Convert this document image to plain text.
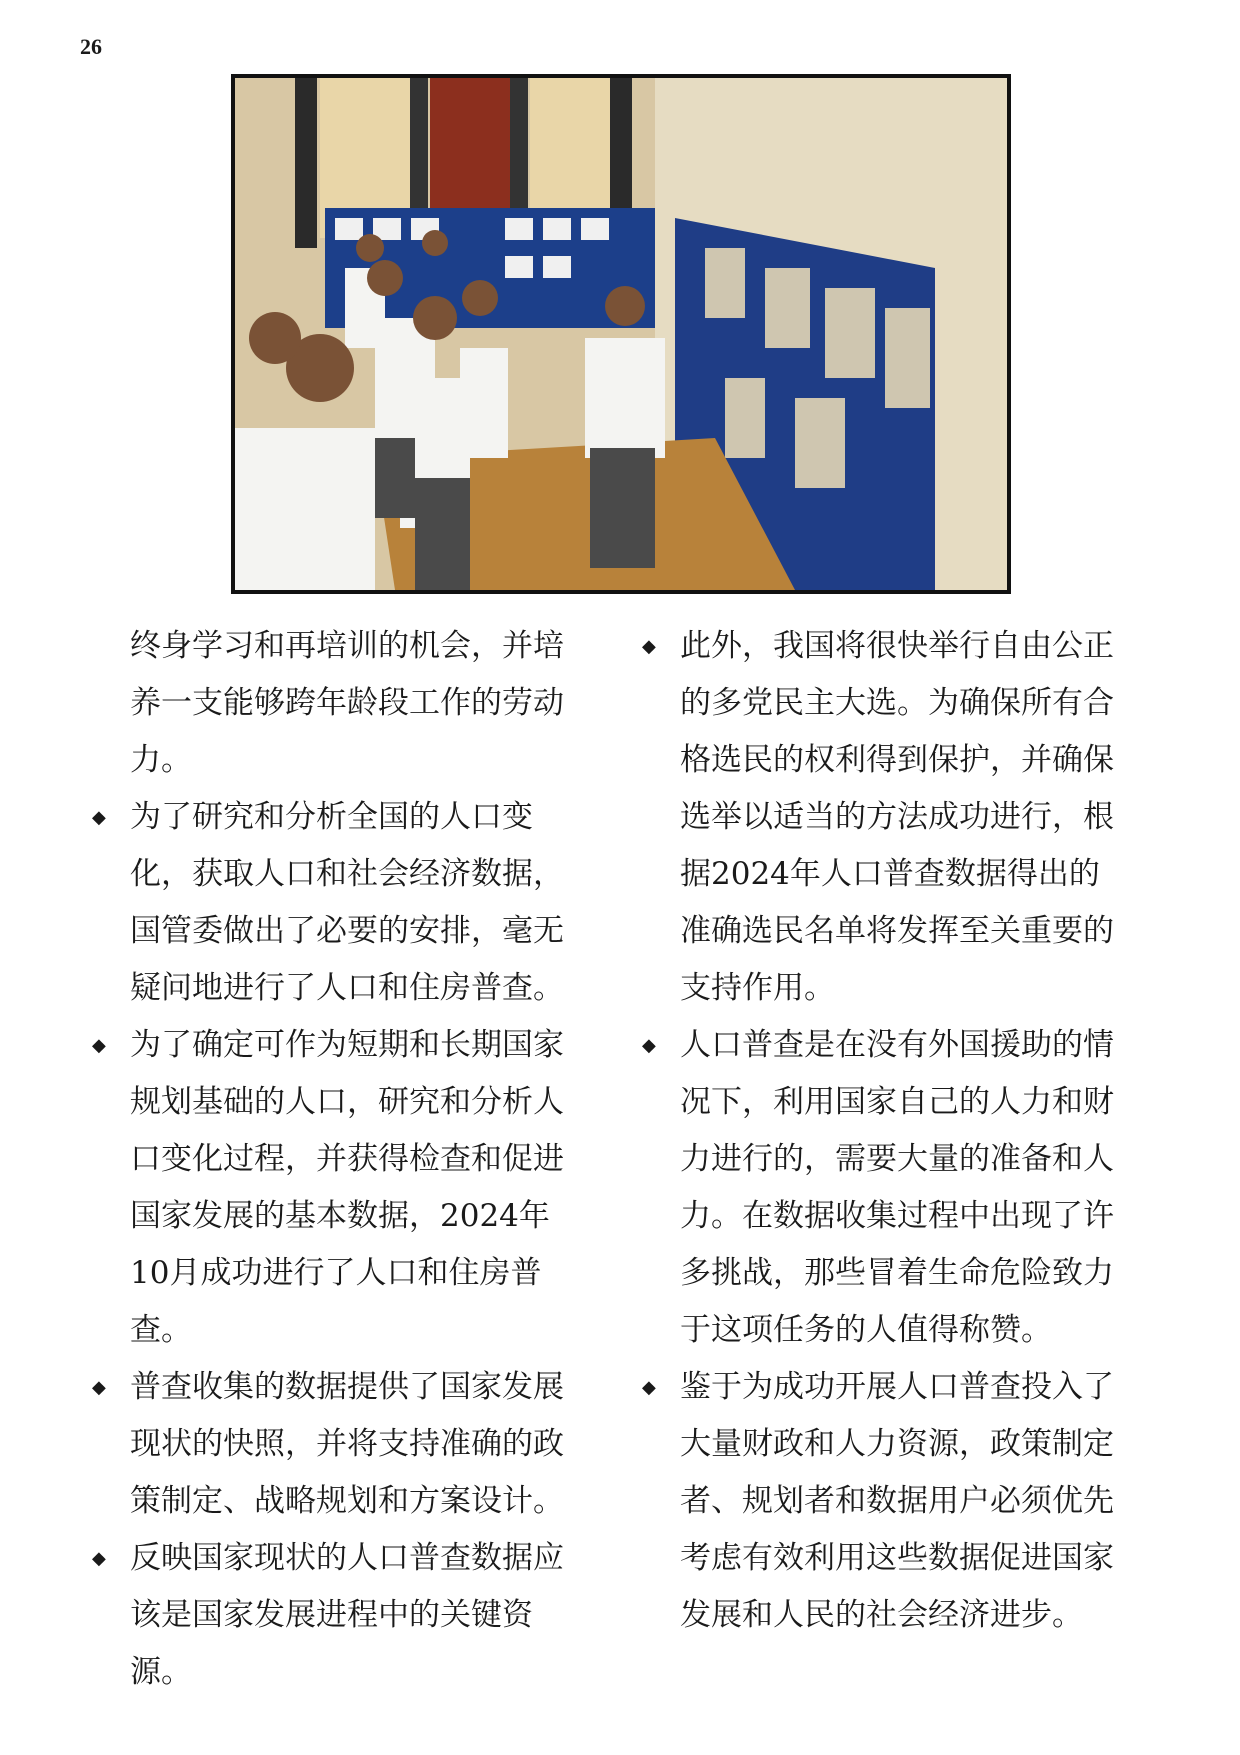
26

终身学习和再培训的机会，并培养一支能够跨年龄段工作的劳动力。

◆ 为了研究和分析全国的人口变化，获取人口和社会经济数据，国管委做出了必要的安排，毫无疑问地进行了人口和住房普查。

◆ 为了确定可作为短期和长期国家规划基础的人口，研究和分析人口变化过程，并获得检查和促进国家发展的基本数据，2024年10月成功进行了人口和住房普查。

◆ 普查收集的数据提供了国家发展现状的快照，并将支持准确的政策制定、战略规划和方案设计。

◆ 反映国家现状的人口普查数据应该是国家发展进程中的关键资源。

◆ 此外，我国将很快举行自由公正的多党民主大选。为确保所有合格选民的权利得到保护，并确保选举以适当的方法成功进行，根据2024年人口普查数据得出的准确选民名单将发挥至关重要的支持作用。

◆ 人口普查是在没有外国援助的情况下，利用国家自己的人力和财力进行的，需要大量的准备和人力。在数据收集过程中出现了许多挑战，那些冒着生命危险致力于这项任务的人值得称赞。

◆ 鉴于为成功开展人口普查投入了大量财政和人力资源，政策制定者、规划者和数据用户必须优先考虑有效利用这些数据促进国家发展和人民的社会经济进步。
